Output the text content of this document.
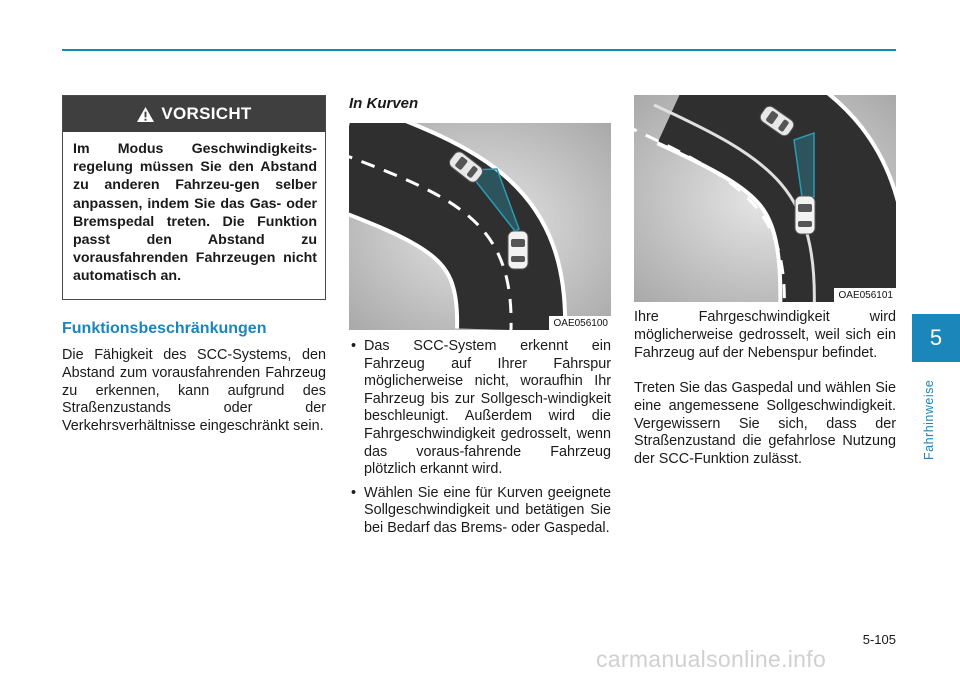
VORSICHT
Im Modus Geschwindigkeits-regelung müssen Sie den Abstand zu anderen Fahrzeu-gen selber anpassen, indem Sie das Gas- oder Bremspedal treten. Die Funktion passt den Abstand zu vorausfahrenden Fahrzeugen nicht automatisch an.
Funktionsbeschränkungen

Die Fähigkeit des SCC-Systems, den Abstand zum vorausfahrenden Fahrzeug zu erkennen, kann aufgrund des Straßenzustands oder der Verkehrsverhältnisse eingeschränkt sein.

In Kurven
OAE056100
• Das SCC-System erkennt ein Fahrzeug auf Ihrer Fahrspur möglicherweise nicht, woraufhin Ihr Fahrzeug bis zur Sollgesch-windigkeit beschleunigt. Außerdem wird die Fahrgeschwindigkeit gedrosselt, wenn das voraus-fahrende Fahrzeug plötzlich erkannt wird.
• Wählen Sie eine für Kurven geeignete Sollgeschwindigkeit und betätigen Sie bei Bedarf das Brems- oder Gaspedal.
OAE056101

Ihre Fahrgeschwindigkeit wird möglicherweise gedrosselt, weil sich ein Fahrzeug auf der Nebenspur befindet.

Treten Sie das Gaspedal und wählen Sie eine angemessene Sollgeschwindigkeit. Vergewissern Sie sich, dass der Straßenzustand die gefahrlose Nutzung der SCC-Funktion zulässt.

5
Fahrhinweise
5-105
carmanualsonline.info
